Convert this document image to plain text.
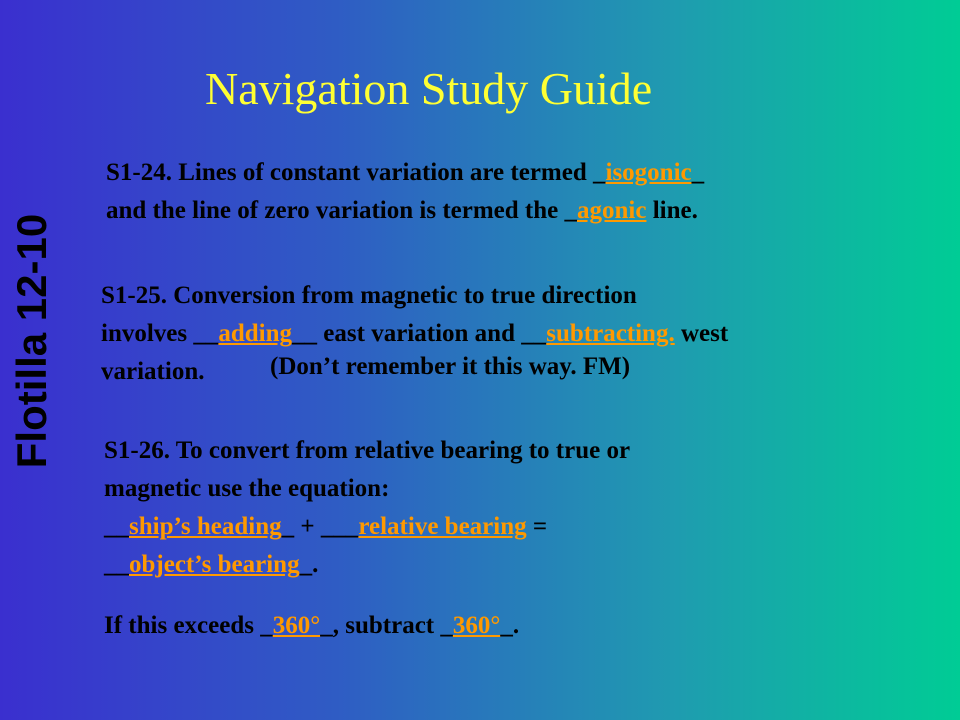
Navigation Study Guide
Flotilla 12-10
S1-24. Lines of constant variation are termed _isogonic_
and the line of zero variation is termed the _agonic line.
S1-25. Conversion from magnetic to true direction
involves __adding__ east variation and __subtracting. west
variation.	(Don’t remember it this way. FM)
S1-26. To convert from relative bearing to true or
magnetic use the equation:
__ship’s heading_ + ___relative bearing =
__object’s bearing_.
If this exceeds _360°_, subtract _360°_.
